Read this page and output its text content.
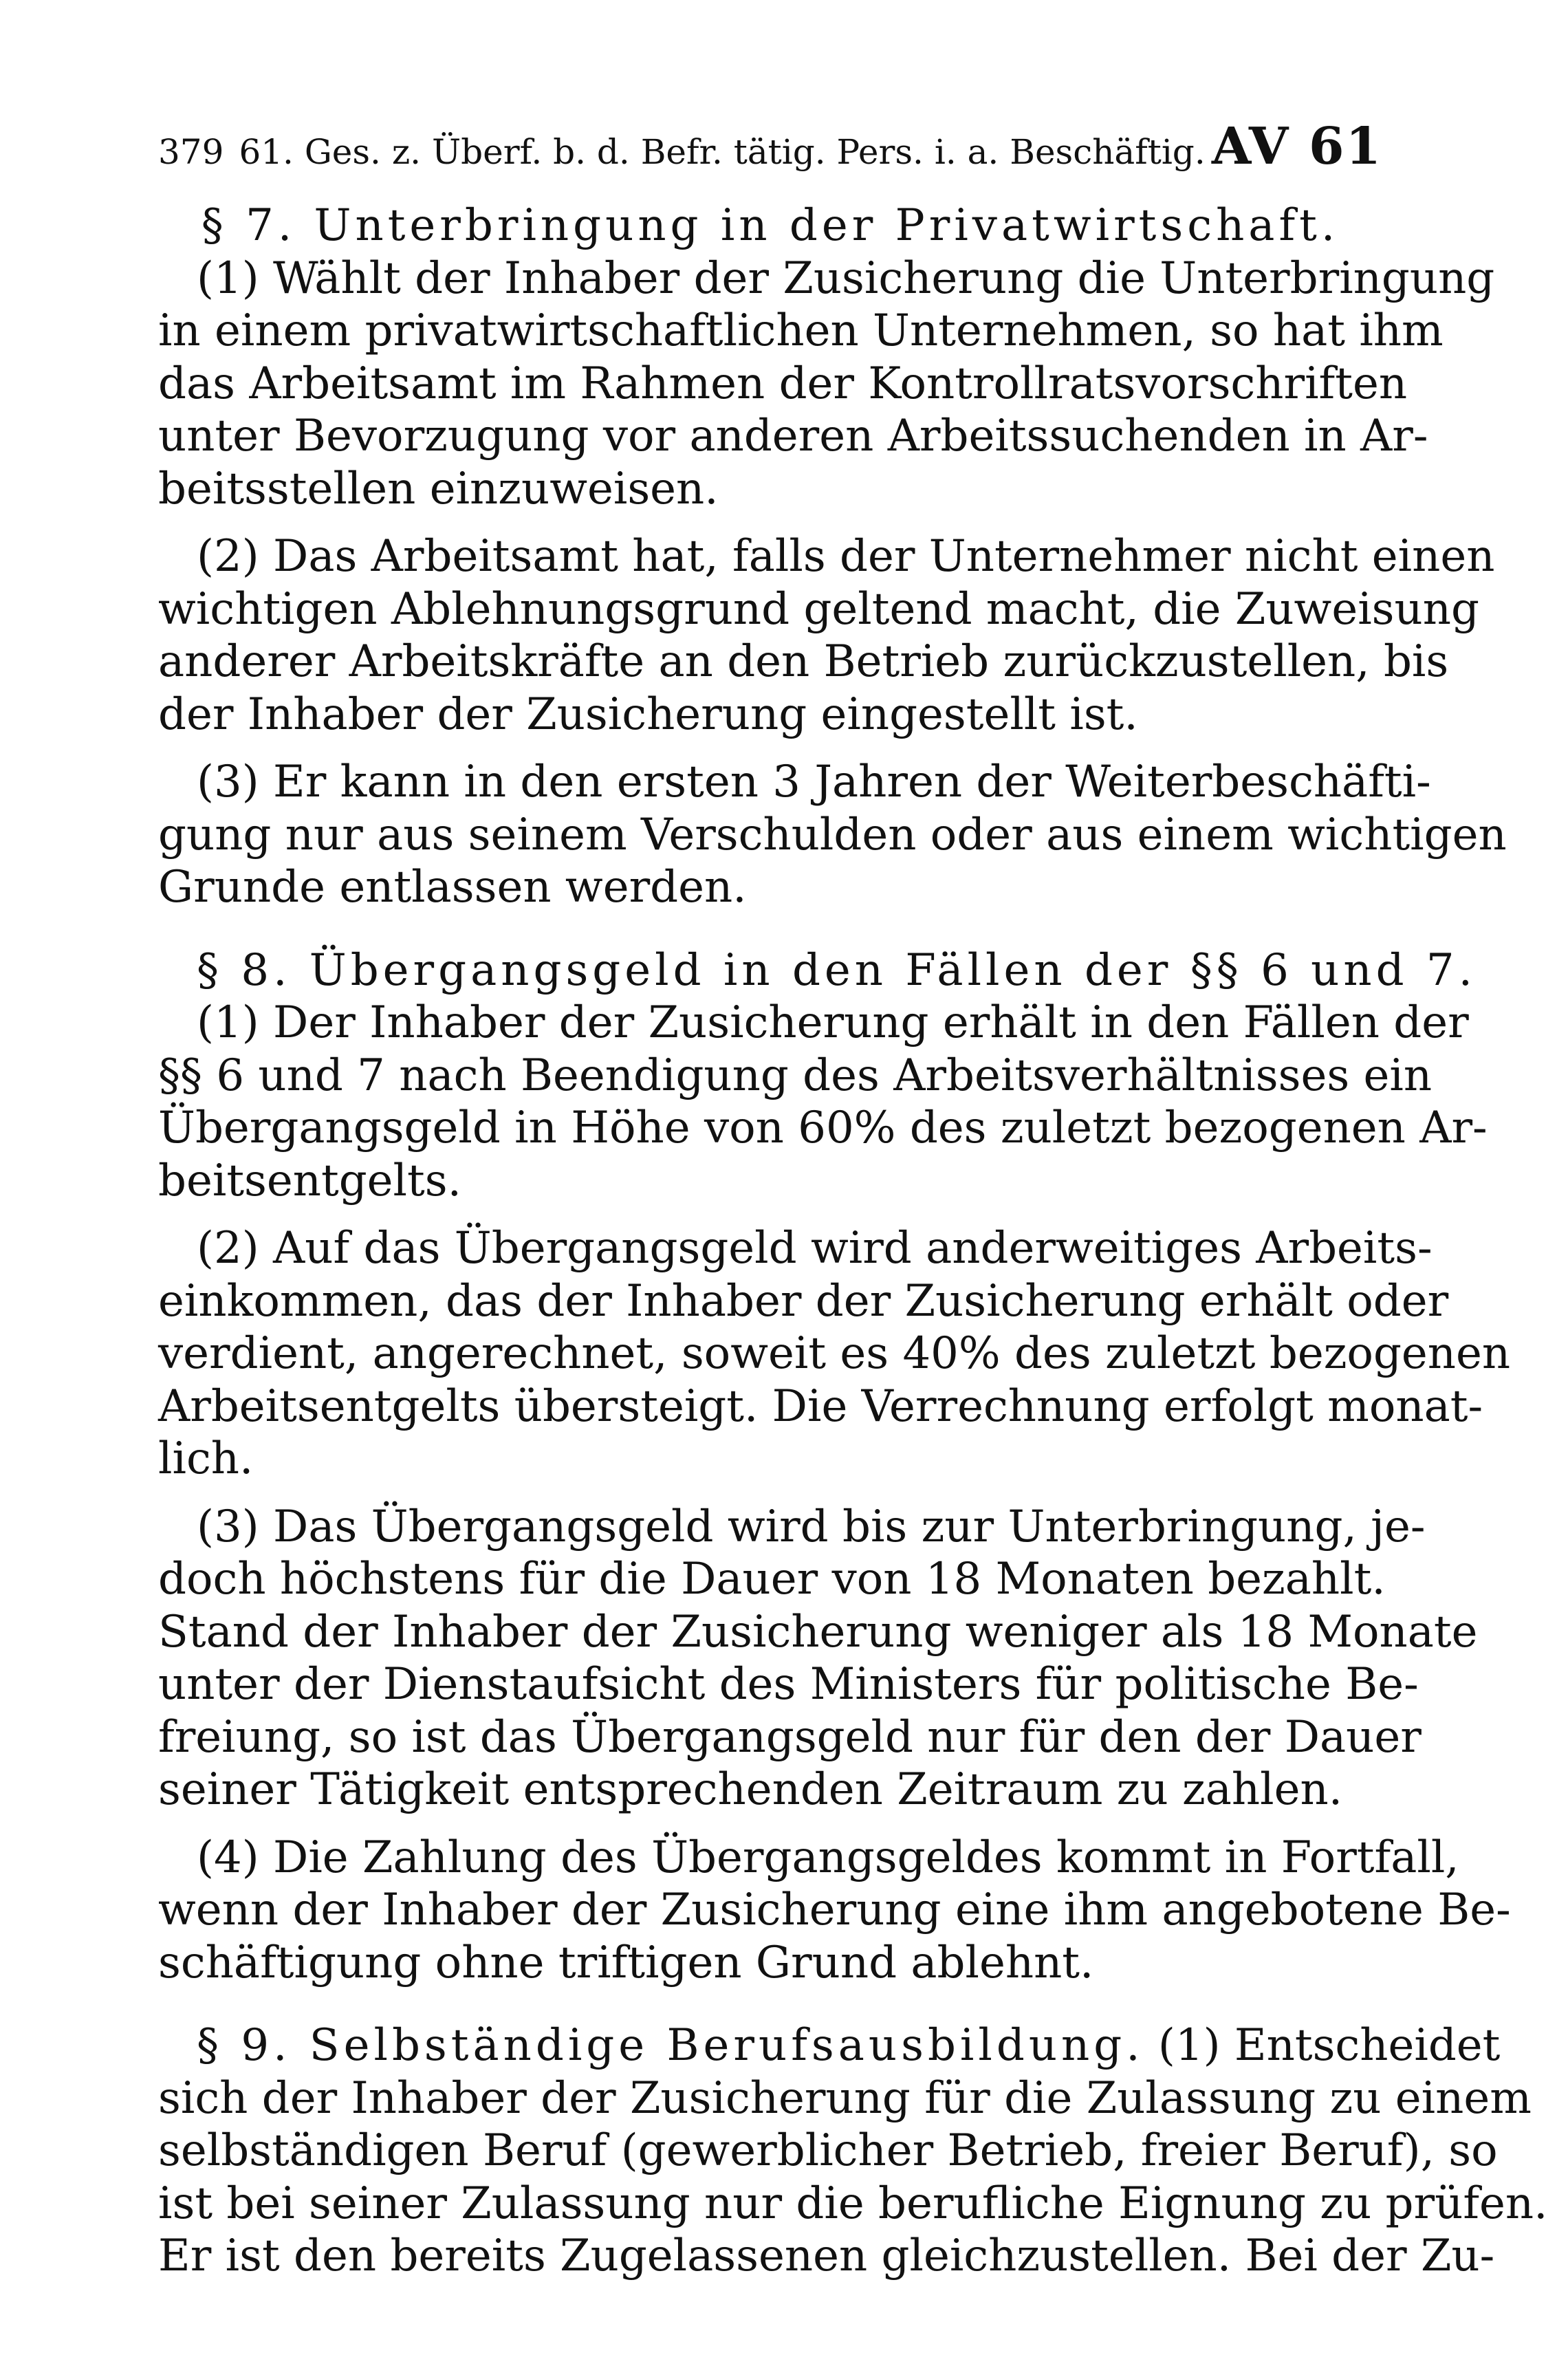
379 61. Ges. z. Überf. b. d. Befr. tätig. Pers. i. a. Beschäftig. AV 61
§ 7. Unterbringung in der Privatwirtschaft.
(1) Wählt der Inhaber der Zusicherung die Unterbringung
in einem privatwirtschaftlichen Unternehmen, so hat ihm
das Arbeitsamt im Rahmen der Kontrollratsvorschriften
unter Bevorzugung vor anderen Arbeitssuchenden in Ar-
beitsstellen einzuweisen.
(2) Das Arbeitsamt hat, falls der Unternehmer nicht einen
wichtigen Ablehnungsgrund geltend macht, die Zuweisung
anderer Arbeitskräfte an den Betrieb zurückzustellen, bis
der Inhaber der Zusicherung eingestellt ist.
(3) Er kann in den ersten 3 Jahren der Weiterbeschäfti-
gung nur aus seinem Verschulden oder aus einem wichtigen
Grunde entlassen werden.
§ 8. Übergangsgeld in den Fällen der §§ 6 und 7.
(1) Der Inhaber der Zusicherung erhält in den Fällen der
§§ 6 und 7 nach Beendigung des Arbeitsverhältnisses ein
Übergangsgeld in Höhe von 60% des zuletzt bezogenen Ar-
beitsentgelts.
(2) Auf das Übergangsgeld wird anderweitiges Arbeits-
einkommen, das der Inhaber der Zusicherung erhält oder
verdient, angerechnet, soweit es 40% des zuletzt bezogenen
Arbeitsentgelts übersteigt. Die Verrechnung erfolgt monat-
lich.
(3) Das Übergangsgeld wird bis zur Unterbringung, je-
doch höchstens für die Dauer von 18 Monaten bezahlt.
Stand der Inhaber der Zusicherung weniger als 18 Monate
unter der Dienstaufsicht des Ministers für politische Be-
freiung, so ist das Übergangsgeld nur für den der Dauer
seiner Tätigkeit entsprechenden Zeitraum zu zahlen.
(4) Die Zahlung des Übergangsgeldes kommt in Fortfall,
wenn der Inhaber der Zusicherung eine ihm angebotene Be-
schäftigung ohne triftigen Grund ablehnt.
§ 9. Selbständige Berufsausbildung. (1) Entscheidet
sich der Inhaber der Zusicherung für die Zulassung zu einem
selbständigen Beruf (gewerblicher Betrieb, freier Beruf), so
ist bei seiner Zulassung nur die berufliche Eignung zu prüfen.
Er ist den bereits Zugelassenen gleichzustellen. Bei der Zu-
